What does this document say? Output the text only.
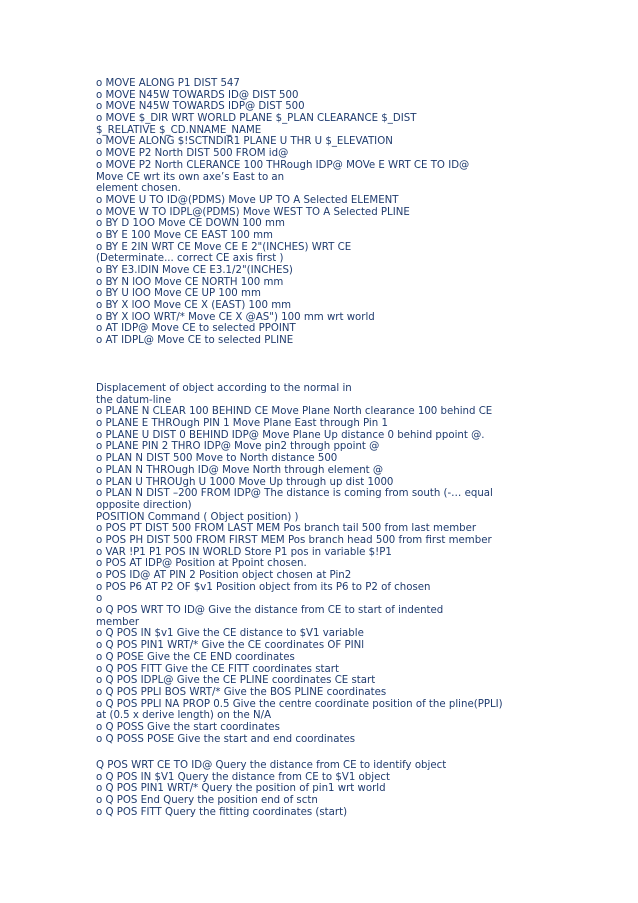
o MOVE ALONG P1 DIST 547
o MOVE N45W TOWARDS ID@ DIST 500
o MOVE N45W TOWARDS IDP@ DIST 500
o MOVE $_DIR WRT WORLD PLANE $_PLAN CLEARANCE $_DIST
$_RELATIVE $_CD.NNAME_NAME
o MOVE ALONG $!SCTNDIR1 PLANE U THR U $_ELEVATION
o MOVE P2 North DIST 500 FROM id@
o MOVE P2 North CLERANCE 100 THRough IDP@ MOVe E WRT CE TO ID@
Move CE wrt its own axe’s East to an
element chosen.
o MOVE U TO ID@(PDMS) Move UP TO A Selected ELEMENT
o MOVE W TO IDPL@(PDMS) Move WEST TO A Selected PLINE
o BY D 1OO Move CE DOWN 100 mm
o BY E 100 Move CE EAST 100 mm
o BY E 2IN WRT CE Move CE E 2"(INCHES) WRT CE
(Determinate... correct CE axis first )
o BY E3.lDIN Move CE E3.1/2"(INCHES)
o BY N lOO Move CE NORTH 100 mm
o BY U lOO Move CE UP 100 mm
o BY X lOO Move CE X (EAST) 100 mm
o BY X lOO WRT/* Move CE X @AS") 100 mm wrt world
o AT IDP@ Move CE to selected PPOINT
o AT IDPL@ Move CE to selected PLINE
Displacement of object according to the normal in
the datum-line
o PLANE N CLEAR 100 BEHIND CE Move Plane North clearance 100 behind CE
o PLANE E THROugh PIN 1 Move Plane East through Pin 1
o PLANE U DIST 0 BEHIND IDP@ Move Plane Up distance 0 behind ppoint @.
o PLANE PIN 2 THRO IDP@ Move pin2 through ppoint @
o PLAN N DIST 500 Move to North distance 500
o PLAN N THROugh ID@ Move North through element @
o PLAN U THROUgh U 1000 Move Up through up dist 1000
o PLAN N DIST –200 FROM IDP@ The distance is coming from south (-… equal
opposite direction)
POSITION Command ( Object position) )
o POS PT DIST 500 FROM LAST MEM Pos branch tail 500 from last member
o POS PH DIST 500 FROM FIRST MEM Pos branch head 500 from first member
o VAR !P1 P1 POS IN WORLD Store P1 pos in variable $!P1
o POS AT IDP@ Position at Ppoint chosen.
o POS ID@ AT PIN 2 Position object chosen at Pin2
o POS P6 AT P2 OF $v1 Position object from its P6 to P2 of chosen
o
o Q POS WRT TO ID@ Give the distance from CE to start of indented
member
o Q POS IN $v1 Give the CE distance to $V1 variable
o Q POS PIN1 WRT/* Give the CE coordinates OF PINl
o Q POSE Give the CE END coordinates
o Q POS FITT Give the CE FITT coordinates start
o Q POS IDPL@ Give the CE PLINE coordinates CE start
o Q POS PPLI BOS WRT/* Give the BOS PLINE coordinates
o Q POS PPLI NA PROP 0.5 Give the centre coordinate position of the pline(PPLI)
at (0.5 x derive length) on the N/A
o Q POSS Give the start coordinates
o Q POSS POSE Give the start and end coordinates
Q POS WRT CE TO ID@ Query the distance from CE to identify object
o Q POS IN $V1 Query the distance from CE to $V1 object
o Q POS PIN1 WRT/* Query the position of pin1 wrt world
o Q POS End Query the position end of sctn
o Q POS FITT Query the fitting coordinates (start)
